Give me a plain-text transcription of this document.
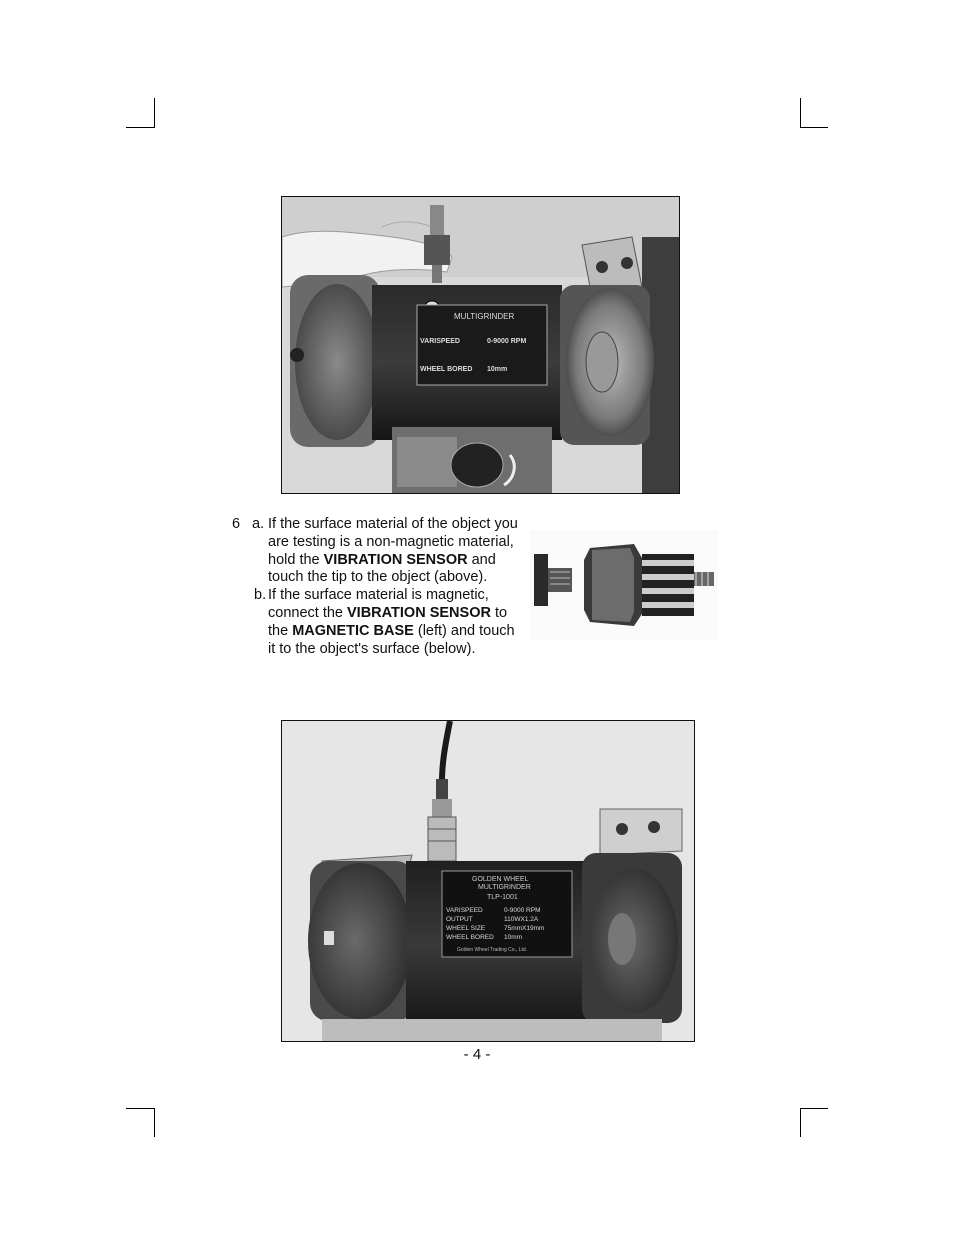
MULTIGRINDER
VARISPEED	0-9000 RPM
WHEEL BORED 10mm
6 a. If the surface material of the object you are testing is a non-magnetic material, hold the VIBRATION SENSOR and touch the tip to the object (above).
b. If the surface material is magnetic, connect the VIBRATION SENSOR to the MAGNETIC BASE (left) and touch it to the object's surface (below).
GOLDEN WHEEL
MULTIGRINDER
TLP-1001
VARISPEED	0-9000 RPM
OUTPUT	110WX1.2A
WHEEL SIZE	75mmX19mm
WHEEL BORED 10mm
Golden Wheel Trading Co., Ltd.
- 4 -
